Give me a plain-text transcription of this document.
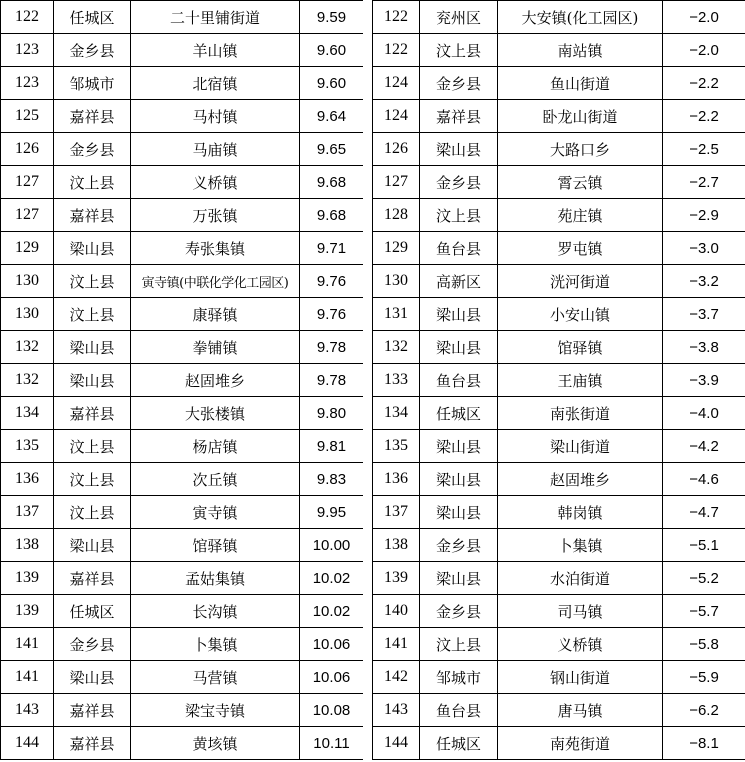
122	任城区	二十里铺街道	9.59
123	金乡县	羊山镇	9.60
123	邹城市	北宿镇	9.60
125	嘉祥县	马村镇	9.64
126	金乡县	马庙镇	9.65
127	汶上县	义桥镇	9.68
127	嘉祥县	万张镇	9.68
129	梁山县	寿张集镇	9.71
130	汶上县	寅寺镇(中联化学化工园区)	9.76
130	汶上县	康驿镇	9.76
132	梁山县	拳铺镇	9.78
132	梁山县	赵固堆乡	9.78
134	嘉祥县	大张楼镇	9.80
135	汶上县	杨店镇	9.81
136	汶上县	次丘镇	9.83
137	汶上县	寅寺镇	9.95
138	梁山县	馆驿镇	10.00
139	嘉祥县	孟姑集镇	10.02
139	任城区	长沟镇	10.02
141	金乡县	卜集镇	10.06
141	梁山县	马营镇	10.06
143	嘉祥县	梁宝寺镇	10.08
144	嘉祥县	黄垓镇	10.11
122	兖州区	大安镇(化工园区)	−2.0
122	汶上县	南站镇	−2.0
124	金乡县	鱼山街道	−2.2
124	嘉祥县	卧龙山街道	−2.2
126	梁山县	大路口乡	−2.5
127	金乡县	霄云镇	−2.7
128	汶上县	苑庄镇	−2.9
129	鱼台县	罗屯镇	−3.0
130	高新区	洸河街道	−3.2
131	梁山县	小安山镇	−3.7
132	梁山县	馆驿镇	−3.8
133	鱼台县	王庙镇	−3.9
134	任城区	南张街道	−4.0
135	梁山县	梁山街道	−4.2
136	梁山县	赵固堆乡	−4.6
137	梁山县	韩岗镇	−4.7
138	金乡县	卜集镇	−5.1
139	梁山县	水泊街道	−5.2
140	金乡县	司马镇	−5.7
141	汶上县	义桥镇	−5.8
142	邹城市	钢山街道	−5.9
143	鱼台县	唐马镇	−6.2
144	任城区	南苑街道	−8.1
